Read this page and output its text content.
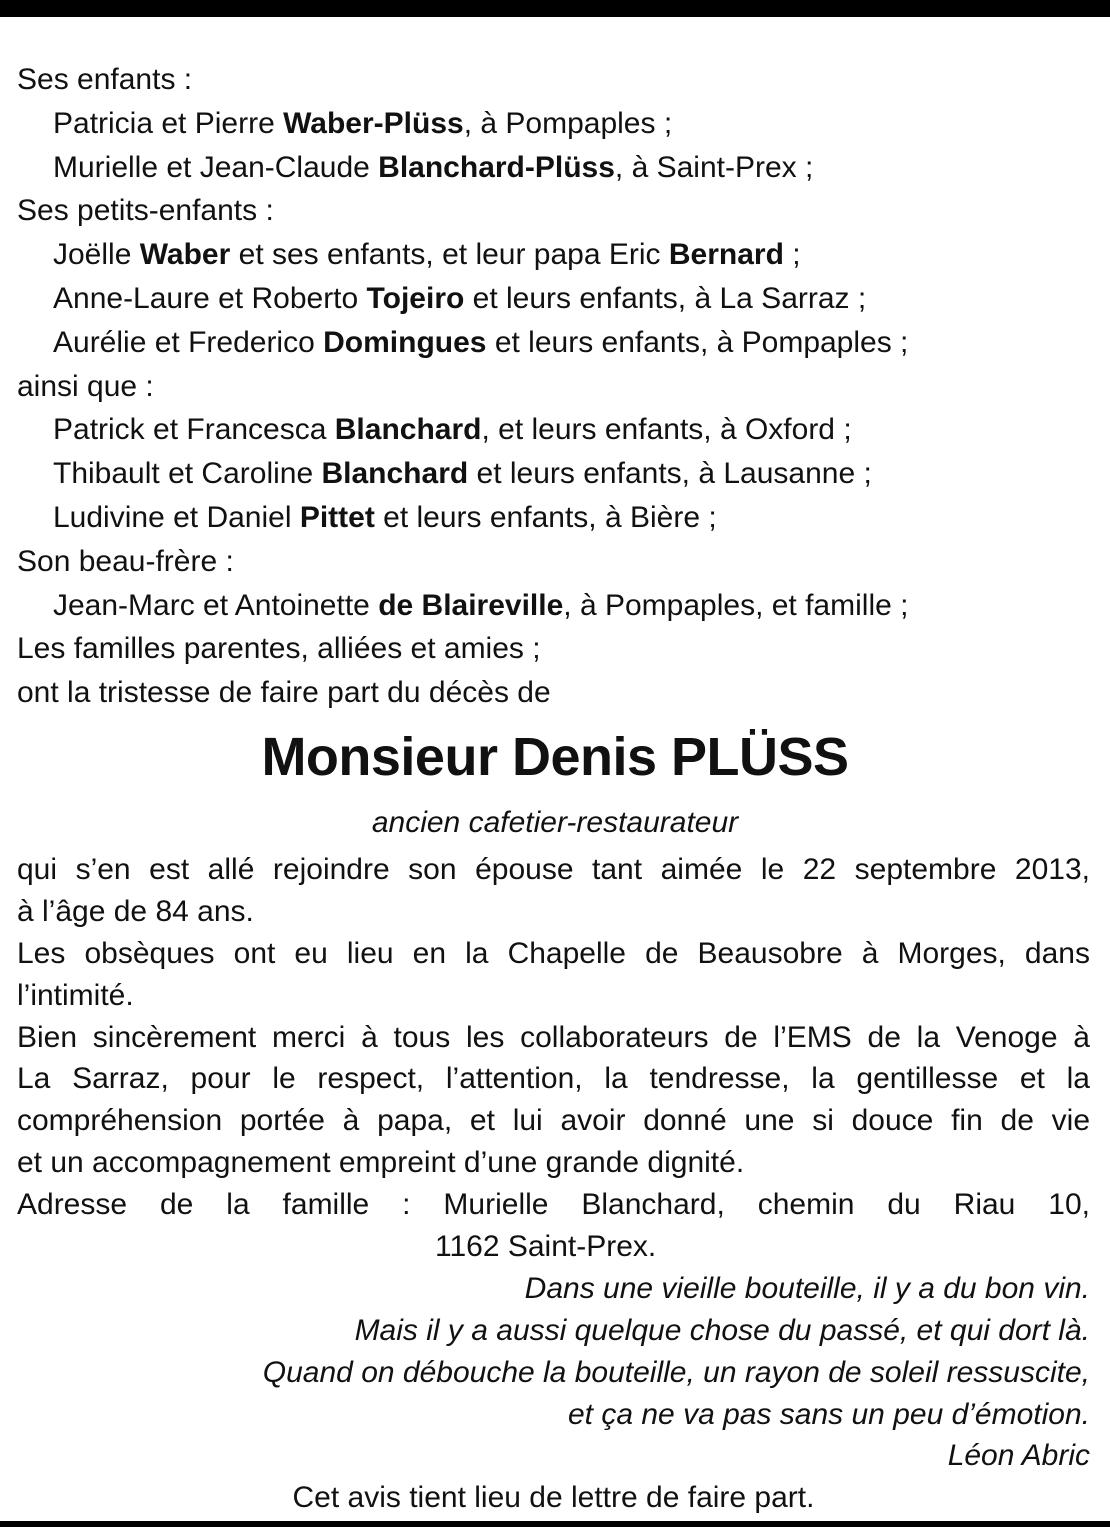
Ses enfants :
Patricia et Pierre Waber-Plüss, à Pompaples ;
Murielle et Jean-Claude Blanchard-Plüss, à Saint-Prex ;
Ses petits-enfants :
Joëlle Waber et ses enfants, et leur papa Eric Bernard ;
Anne-Laure et Roberto Tojeiro et leurs enfants, à La Sarraz ;
Aurélie et Frederico Domingues et leurs enfants, à Pompaples ;
ainsi que :
Patrick et Francesca Blanchard, et leurs enfants, à Oxford ;
Thibault et Caroline Blanchard et leurs enfants, à Lausanne ;
Ludivine et Daniel Pittet et leurs enfants, à Bière ;
Son beau-frère :
Jean-Marc et Antoinette de Blaireville, à Pompaples, et famille ;
Les familles parentes, alliées et amies ;
ont la tristesse de faire part du décès de
Monsieur Denis PLÜSS
ancien cafetier-restaurateur
qui s’en est allé rejoindre son épouse tant aimée le 22 septembre 2013,
à l’âge de 84 ans.
Les obsèques ont eu lieu en la Chapelle de Beausobre à Morges, dans
l’intimité.
Bien sincèrement merci à tous les collaborateurs de l’EMS de la Venoge à
La Sarraz, pour le respect, l’attention, la tendresse, la gentillesse et la
compréhension portée à papa, et lui avoir donné une si douce fin de vie
et un accompagnement empreint d’une grande dignité.
Adresse de la famille : Murielle Blanchard, chemin du Riau 10,
1162 Saint-Prex.
Dans une vieille bouteille, il y a du bon vin.
Mais il y a aussi quelque chose du passé, et qui dort là.
Quand on débouche la bouteille, un rayon de soleil ressuscite,
et ça ne va pas sans un peu d’émotion.
Léon Abric
Cet avis tient lieu de lettre de faire part.
